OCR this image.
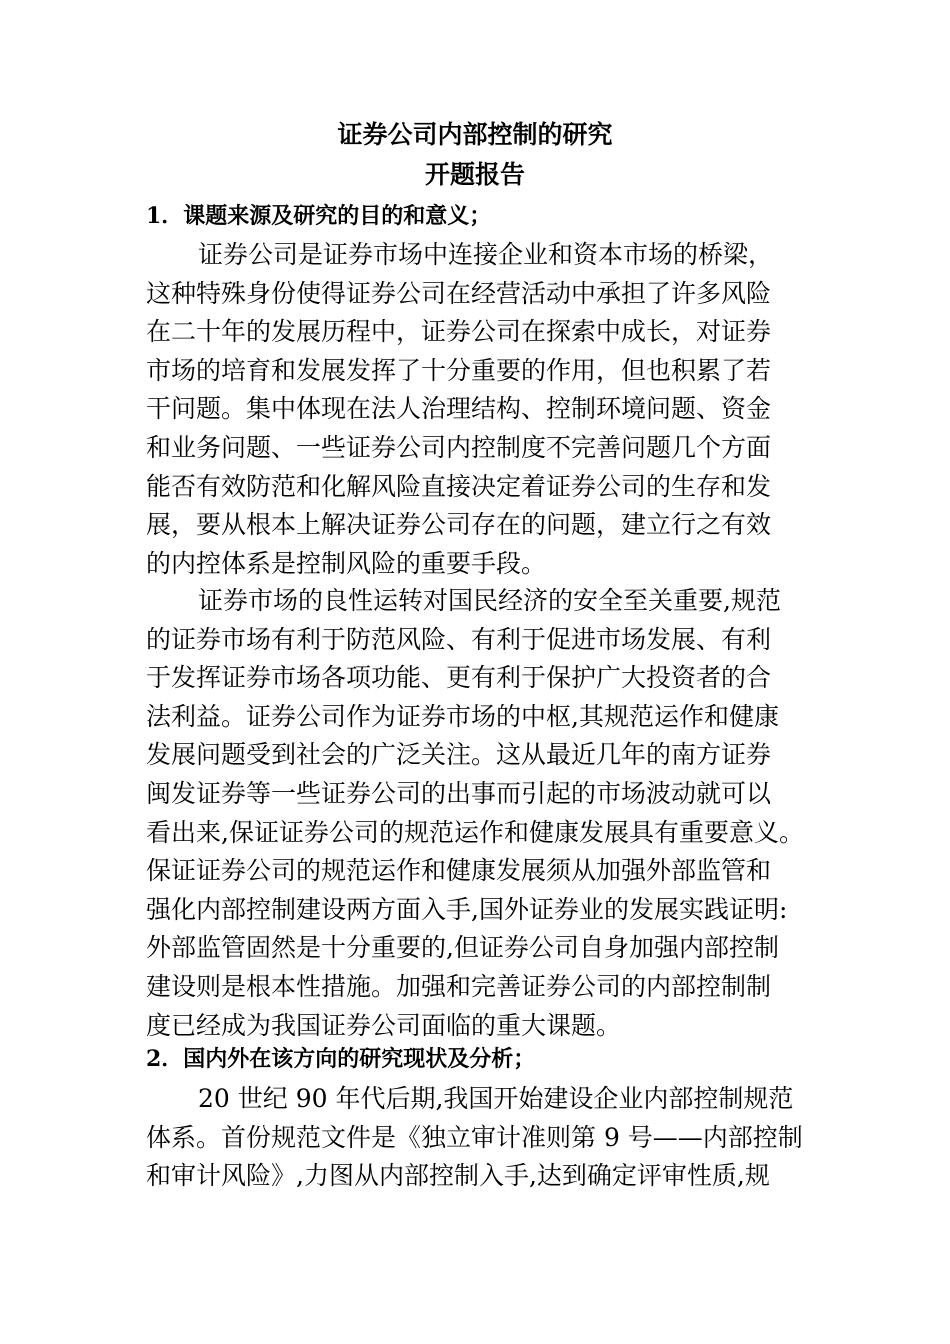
证券公司内部控制的研究
开题报告
1．课题来源及研究的目的和意义；

证券公司是证券市场中连接企业和资本市场的桥梁，
这种特殊身份使得证券公司在经营活动中承担了许多风险
在二十年的发展历程中，证券公司在探索中成长，对证券
市场的培育和发展发挥了十分重要的作用，但也积累了若
干问题。集中体现在法人治理结构、控制环境问题、资金
和业务问题、一些证券公司内控制度不完善问题几个方面
能否有效防范和化解风险直接决定着证券公司的生存和发
展，要从根本上解决证券公司存在的问题，建立行之有效
的内控体系是控制风险的重要手段。

证券市场的良性运转对国民经济的安全至关重要,规范
的证券市场有利于防范风险、有利于促进市场发展、有利
于发挥证券市场各项功能、更有利于保护广大投资者的合
法利益。证券公司作为证券市场的中枢,其规范运作和健康
发展问题受到社会的广泛关注。这从最近几年的南方证券
闽发证券等一些证券公司的出事而引起的市场波动就可以
看出来,保证证券公司的规范运作和健康发展具有重要意义。
保证证券公司的规范运作和健康发展须从加强外部监管和
强化内部控制建设两方面入手,国外证券业的发展实践证明:
外部监管固然是十分重要的,但证券公司自身加强内部控制
建设则是根本性措施。加强和完善证券公司的内部控制制
度已经成为我国证券公司面临的重大课题。

2．国内外在该方向的研究现状及分析；

20 世纪 90 年代后期,我国开始建设企业内部控制规范
体系。首份规范文件是《独立审计准则第 9 号——内部控制
和审计风险》,力图从内部控制入手,达到确定评审性质,规
